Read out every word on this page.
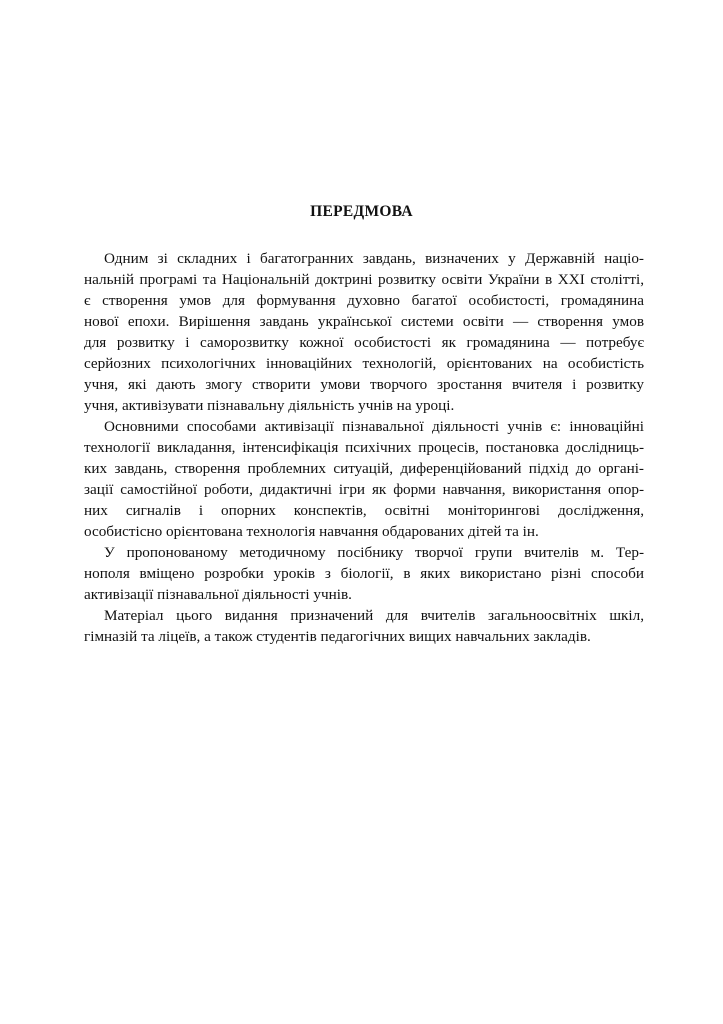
ПЕРЕДМОВА
Одним зі складних і багатогранних завдань, визначених у Державній націо-
нальній програмі та Національній доктрині розвитку освіти України в XXI столітті,
є створення умов для формування духовно багатої особистості, громадянина
нової епохи. Вирішення завдань української системи освіти — створення умов
для розвитку і саморозвитку кожної особистості як громадянина — потребує
серйозних психологічних інноваційних технологій, орієнтованих на особистість
учня, які дають змогу створити умови творчого зростання вчителя і розвитку
учня, активізувати пізнавальну діяльність учнів на уроці.
Основними способами активізації пізнавальної діяльності учнів є: інноваційні
технології викладання, інтенсифікація психічних процесів, постановка дослідниць-
ких завдань, створення проблемних ситуацій, диференційований підхід до органі-
зації самостійної роботи, дидактичні ігри як форми навчання, використання опор-
них сигналів і опорних конспектів, освітні моніторингові дослідження,
особистісно орієнтована технологія навчання обдарованих дітей та ін.
У пропонованому методичному посібнику творчої групи вчителів м. Тер-
нополя вміщено розробки уроків з біології, в яких використано різні способи
активізації пізнавальної діяльності учнів.
Матеріал цього видання призначений для вчителів загальноосвітніх шкіл,
гімназій та ліцеїв, а також студентів педагогічних вищих навчальних закладів.
